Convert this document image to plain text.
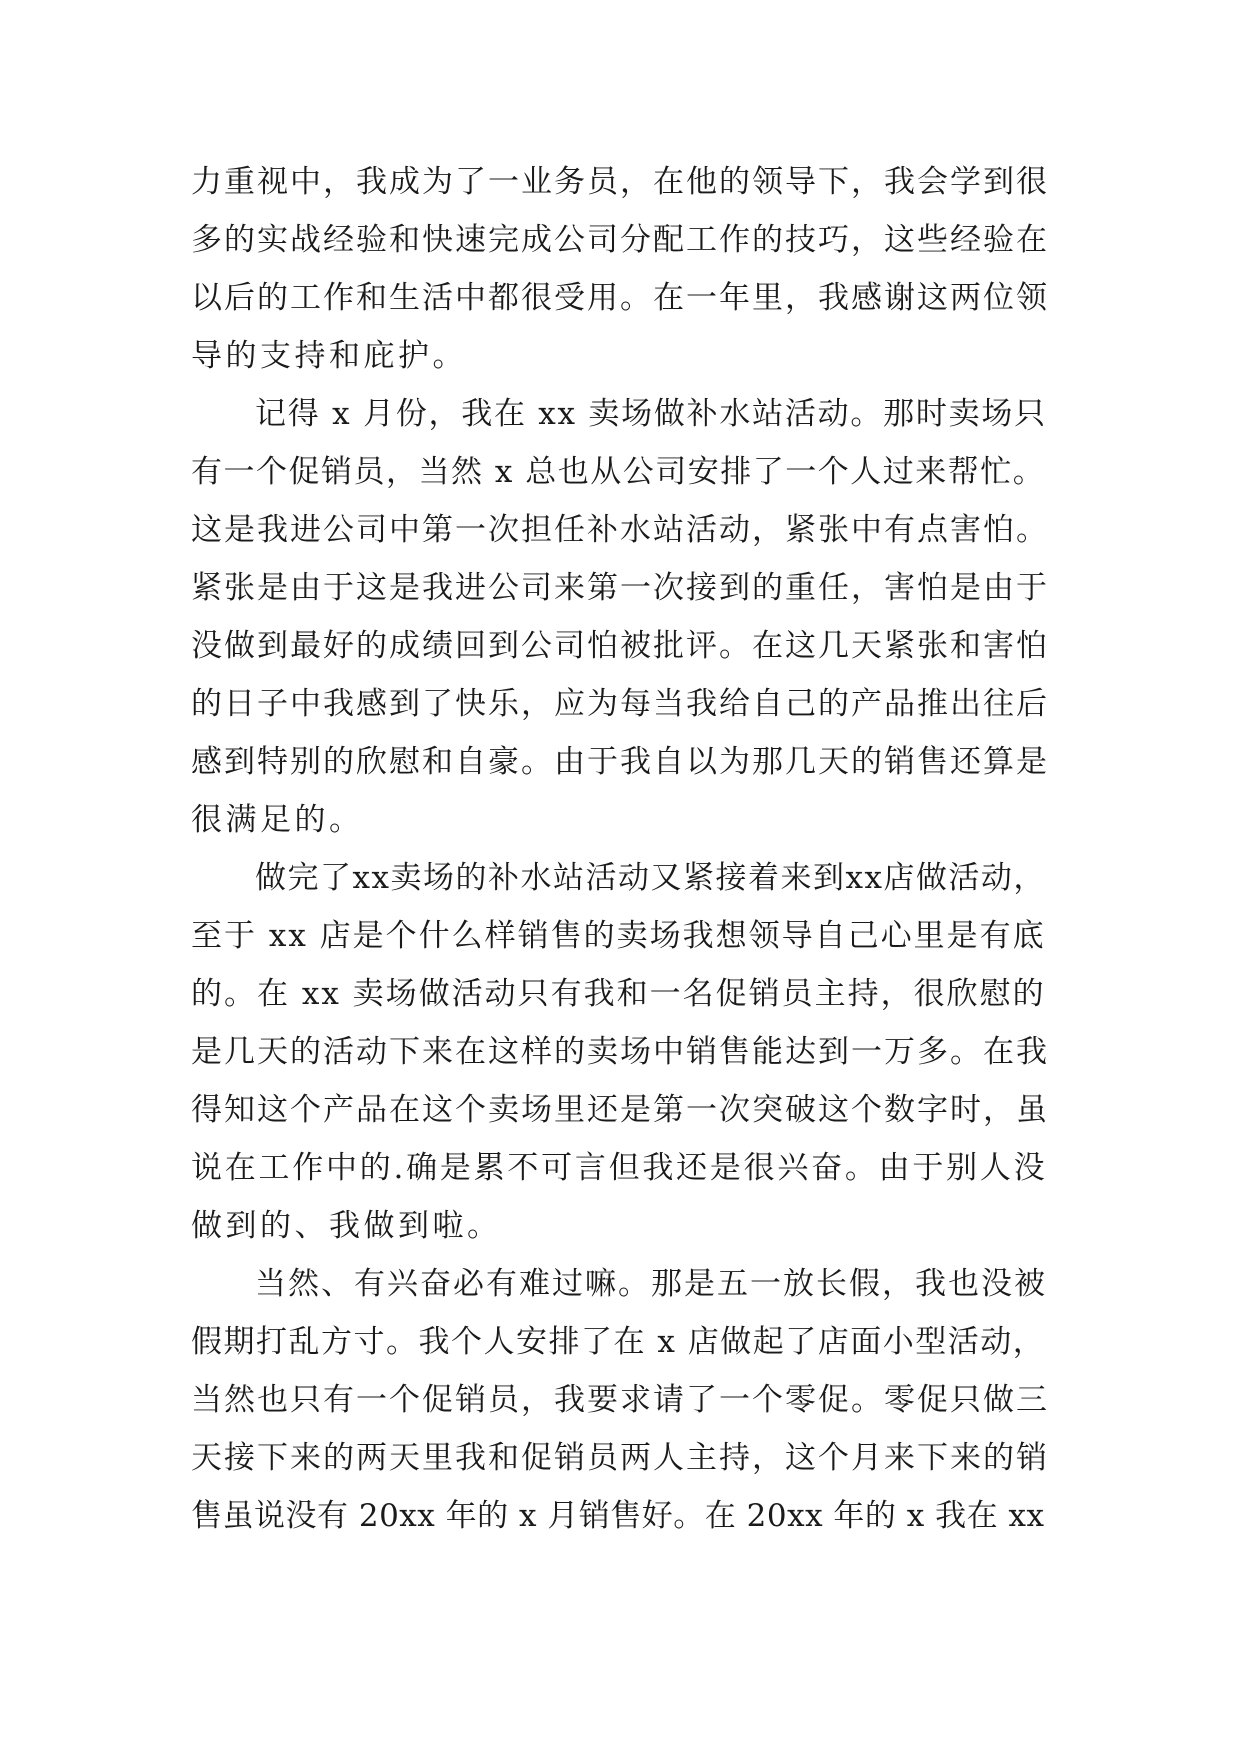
力重视中，我成为了一业务员，在他的领导下，我会学到很
多的实战经验和快速完成公司分配工作的技巧，这些经验在
以后的工作和生活中都很受用。在一年里，我感谢这两位领
导的支持和庇护。
记得 x 月份，我在 xx 卖场做补水站活动。那时卖场只
有一个促销员，当然 x 总也从公司安排了一个人过来帮忙。
这是我进公司中第一次担任补水站活动，紧张中有点害怕。
紧张是由于这是我进公司来第一次接到的重任，害怕是由于
没做到最好的成绩回到公司怕被批评。在这几天紧张和害怕
的日子中我感到了快乐，应为每当我给自己的产品推出往后
感到特别的欣慰和自豪。由于我自以为那几天的销售还算是
很满足的。
做完了xx卖场的补水站活动又紧接着来到xx店做活动，
至于 xx 店是个什么样销售的卖场我想领导自己心里是有底
的。在 xx 卖场做活动只有我和一名促销员主持，很欣慰的
是几天的活动下来在这样的卖场中销售能达到一万多。在我
得知这个产品在这个卖场里还是第一次突破这个数字时，虽
说在工作中的.确是累不可言但我还是很兴奋。由于别人没
做到的、我做到啦。
当然、有兴奋必有难过嘛。那是五一放长假，我也没被
假期打乱方寸。我个人安排了在 x 店做起了店面小型活动，
当然也只有一个促销员，我要求请了一个零促。零促只做三
天接下来的两天里我和促销员两人主持，这个月来下来的销
售虽说没有 20xx 年的 x 月销售好。在 20xx 年的 x 我在 xx
